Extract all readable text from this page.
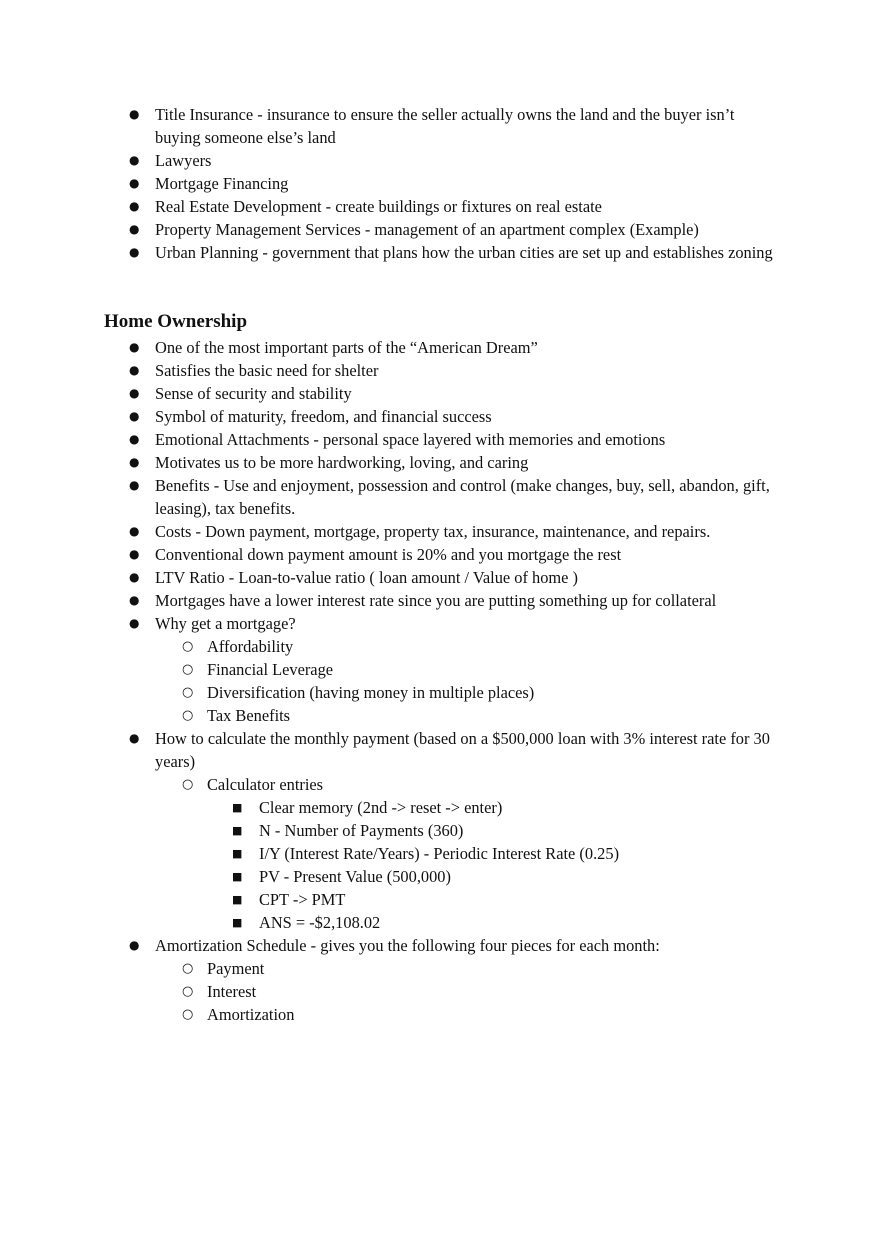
● Title Insurance - insurance to ensure the seller actually owns the land and the buyer isn’t buying someone else’s land
● Lawyers
● Mortgage Financing
● Real Estate Development - create buildings or fixtures on real estate
● Property Management Services - management of an apartment complex (Example)
● Urban Planning - government that plans how the urban cities are set up and establishes zoning
Home Ownership
● One of the most important parts of the “American Dream”
● Satisfies the basic need for shelter
● Sense of security and stability
● Symbol of maturity, freedom, and financial success
● Emotional Attachments - personal space layered with memories and emotions
● Motivates us to be more hardworking, loving, and caring
● Benefits - Use and enjoyment, possession and control (make changes, buy, sell, abandon, gift, leasing), tax benefits.
● Costs - Down payment, mortgage, property tax, insurance, maintenance, and repairs.
● Conventional down payment amount is 20% and you mortgage the rest
● LTV Ratio - Loan-to-value ratio ( loan amount / Value of home )
● Mortgages have a lower interest rate since you are putting something up for collateral
● Why get a mortgage?
○ Affordability
○ Financial Leverage
○ Diversification (having money in multiple places)
○ Tax Benefits
● How to calculate the monthly payment (based on a $500,000 loan with 3% interest rate for 30 years)
○ Calculator entries
■ Clear memory (2nd -> reset -> enter)
■ N - Number of Payments (360)
■ I/Y (Interest Rate/Years) - Periodic Interest Rate (0.25)
■ PV - Present Value (500,000)
■ CPT -> PMT
■ ANS = -$2,108.02
● Amortization Schedule - gives you the following four pieces for each month:
○ Payment
○ Interest
○ Amortization
